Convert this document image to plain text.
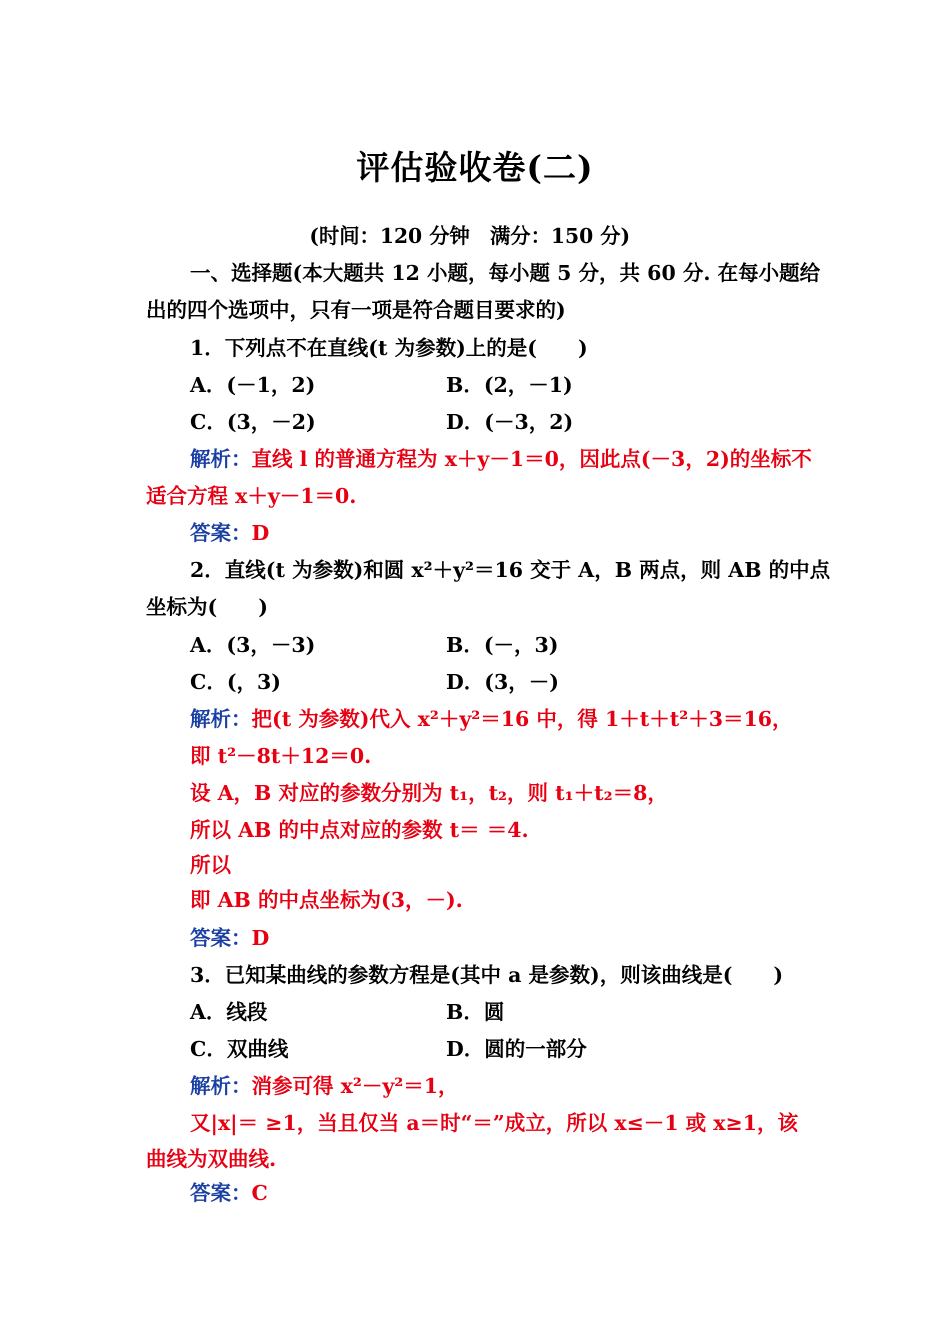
评估验收卷(二)
(时间：120 分钟　满分：150 分)
一、选择题(本大题共 12 小题，每小题 5 分，共 60 分. 在每小题给
出的四个选项中，只有一项是符合题目要求的)
1．下列点不在直线(t 为参数)上的是(　　)
A．(－1，2)	B．(2，－1)
C．(3，－2)	D．(－3，2)
解析：直线 l 的普通方程为 x＋y－1＝0，因此点(－3，2)的坐标不
适合方程 x＋y－1＝0.
答案：D
2．直线(t 为参数)和圆 x²＋y²＝16 交于 A，B 两点，则 AB 的中点
坐标为(　　)
A．(3，－3)	B．(－，3)
C．(，3)	D．(3，－)
解析：把(t 为参数)代入 x²＋y²＝16 中，得 1＋t＋t²＋3＝16，
即 t²－8t＋12＝0.
设 A，B 对应的参数分别为 t₁，t₂，则 t₁＋t₂＝8，
所以 AB 的中点对应的参数 t＝ ＝4.
所以
即 AB 的中点坐标为(3，－).
答案：D
3．已知某曲线的参数方程是(其中 a 是参数)，则该曲线是(　　)
A．线段	B．圆
C．双曲线	D．圆的一部分
解析：消参可得 x²－y²＝1，
又|x|＝ ≥1，当且仅当 a＝时“＝”成立，所以 x≤－1 或 x≥1，该
曲线为双曲线.
答案：C
